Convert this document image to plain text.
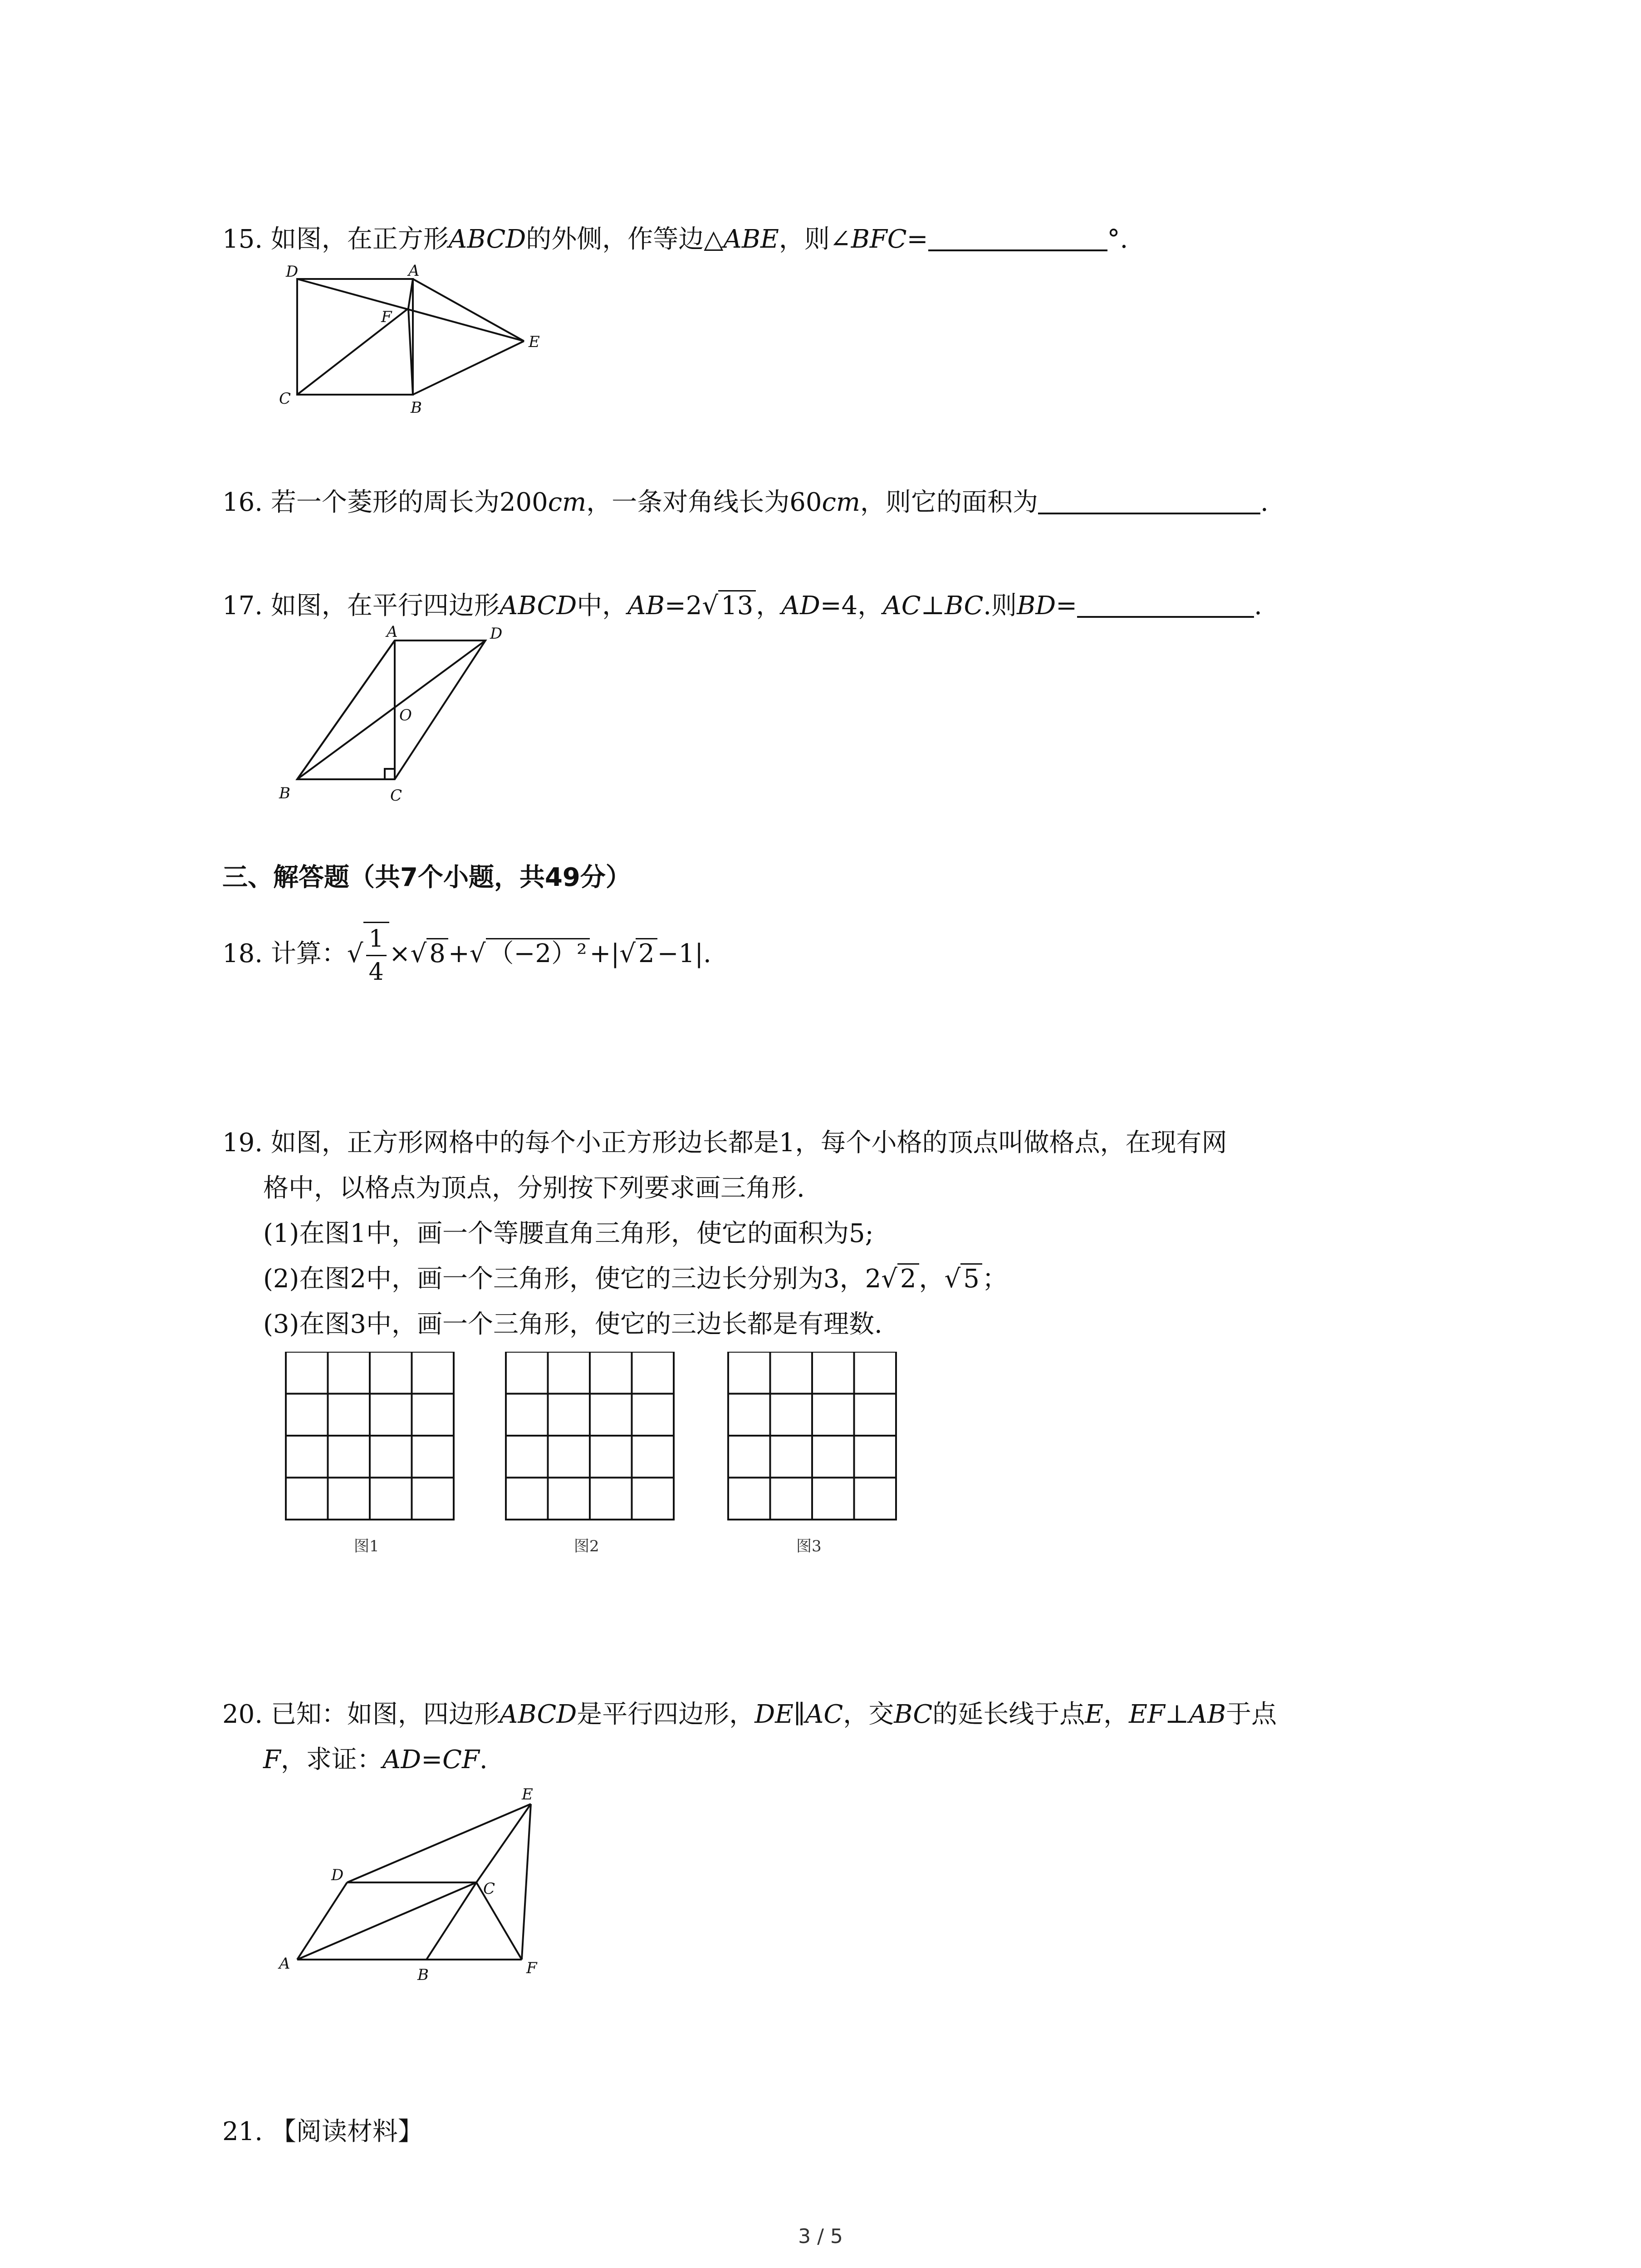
15. 如图，在正方形ABCD的外侧，作等边△ABE，则∠BFC=	°.
D	A
F
E
C	B
16. 若一个菱形的周长为200cm，一条对角线长为60cm，则它的面积为	.
17. 如图，在平行四边形ABCD中，AB=2√ 13 ，AD=4，AC⊥BC.则BD=	.
A	D
O
B	C
三、解答题（共7个小题，共49分）
18. 计算：√ $\frac{1}{4}$ ×√ 8 +√ （−2）² +|√ 2 −1|.
19. 如图，正方形网格中的每个小正方形边长都是1，每个小格的顶点叫做格点，在现有网
格中，以格点为顶点，分别按下列要求画三角形.
(1)在图1中，画一个等腰直角三角形，使它的面积为5;
(2)在图2中，画一个三角形，使它的三边长分别为3，2√ 2 ，√ 5 ；
(3)在图3中，画一个三角形，使它的三边长都是有理数.
图1	图2	图3
20. 已知：如图，四边形ABCD是平行四边形，DE∥AC，交BC的延长线于点E，EF⊥AB于点
F，求证：AD=CF.
E
D
C
A
B	F
21. 【阅读材料】
3 / 5
